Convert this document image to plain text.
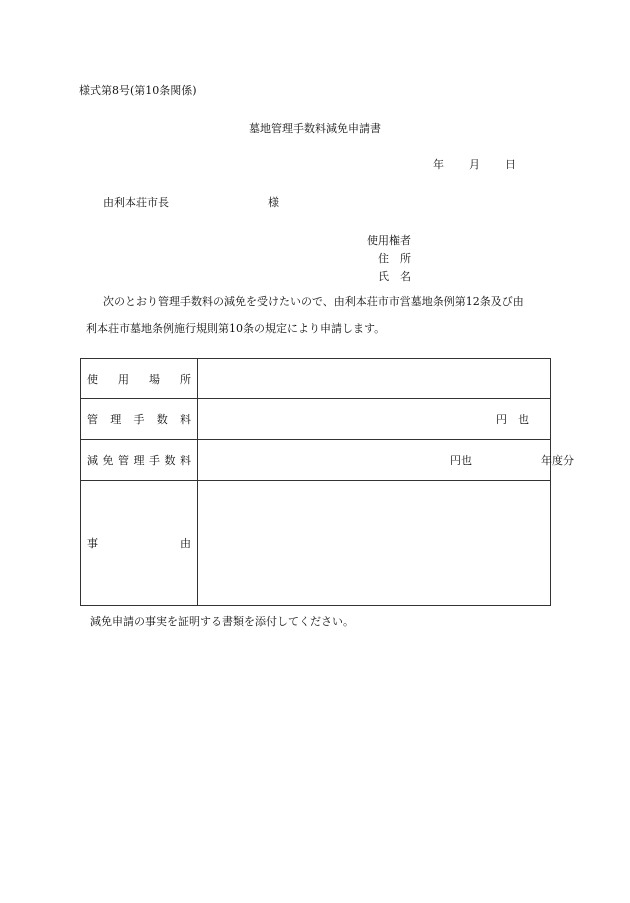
様式第8号(第10条関係)
墓地管理手数料減免申請書
年 月 日
由利本荘市長	様
使用権者
住　所
氏　名
次のとおり管理手数料の減免を受けたいので、由利本荘市市営墓地条例第12条及び由
利本荘市墓地条例施行規則第10条の規定により申請します。
使 用 場 所
管 理 手 数 料	円　也
減 免 管 理 手 数 料	円也	年度分
事	由
減免申請の事実を証明する書類を添付してください。
